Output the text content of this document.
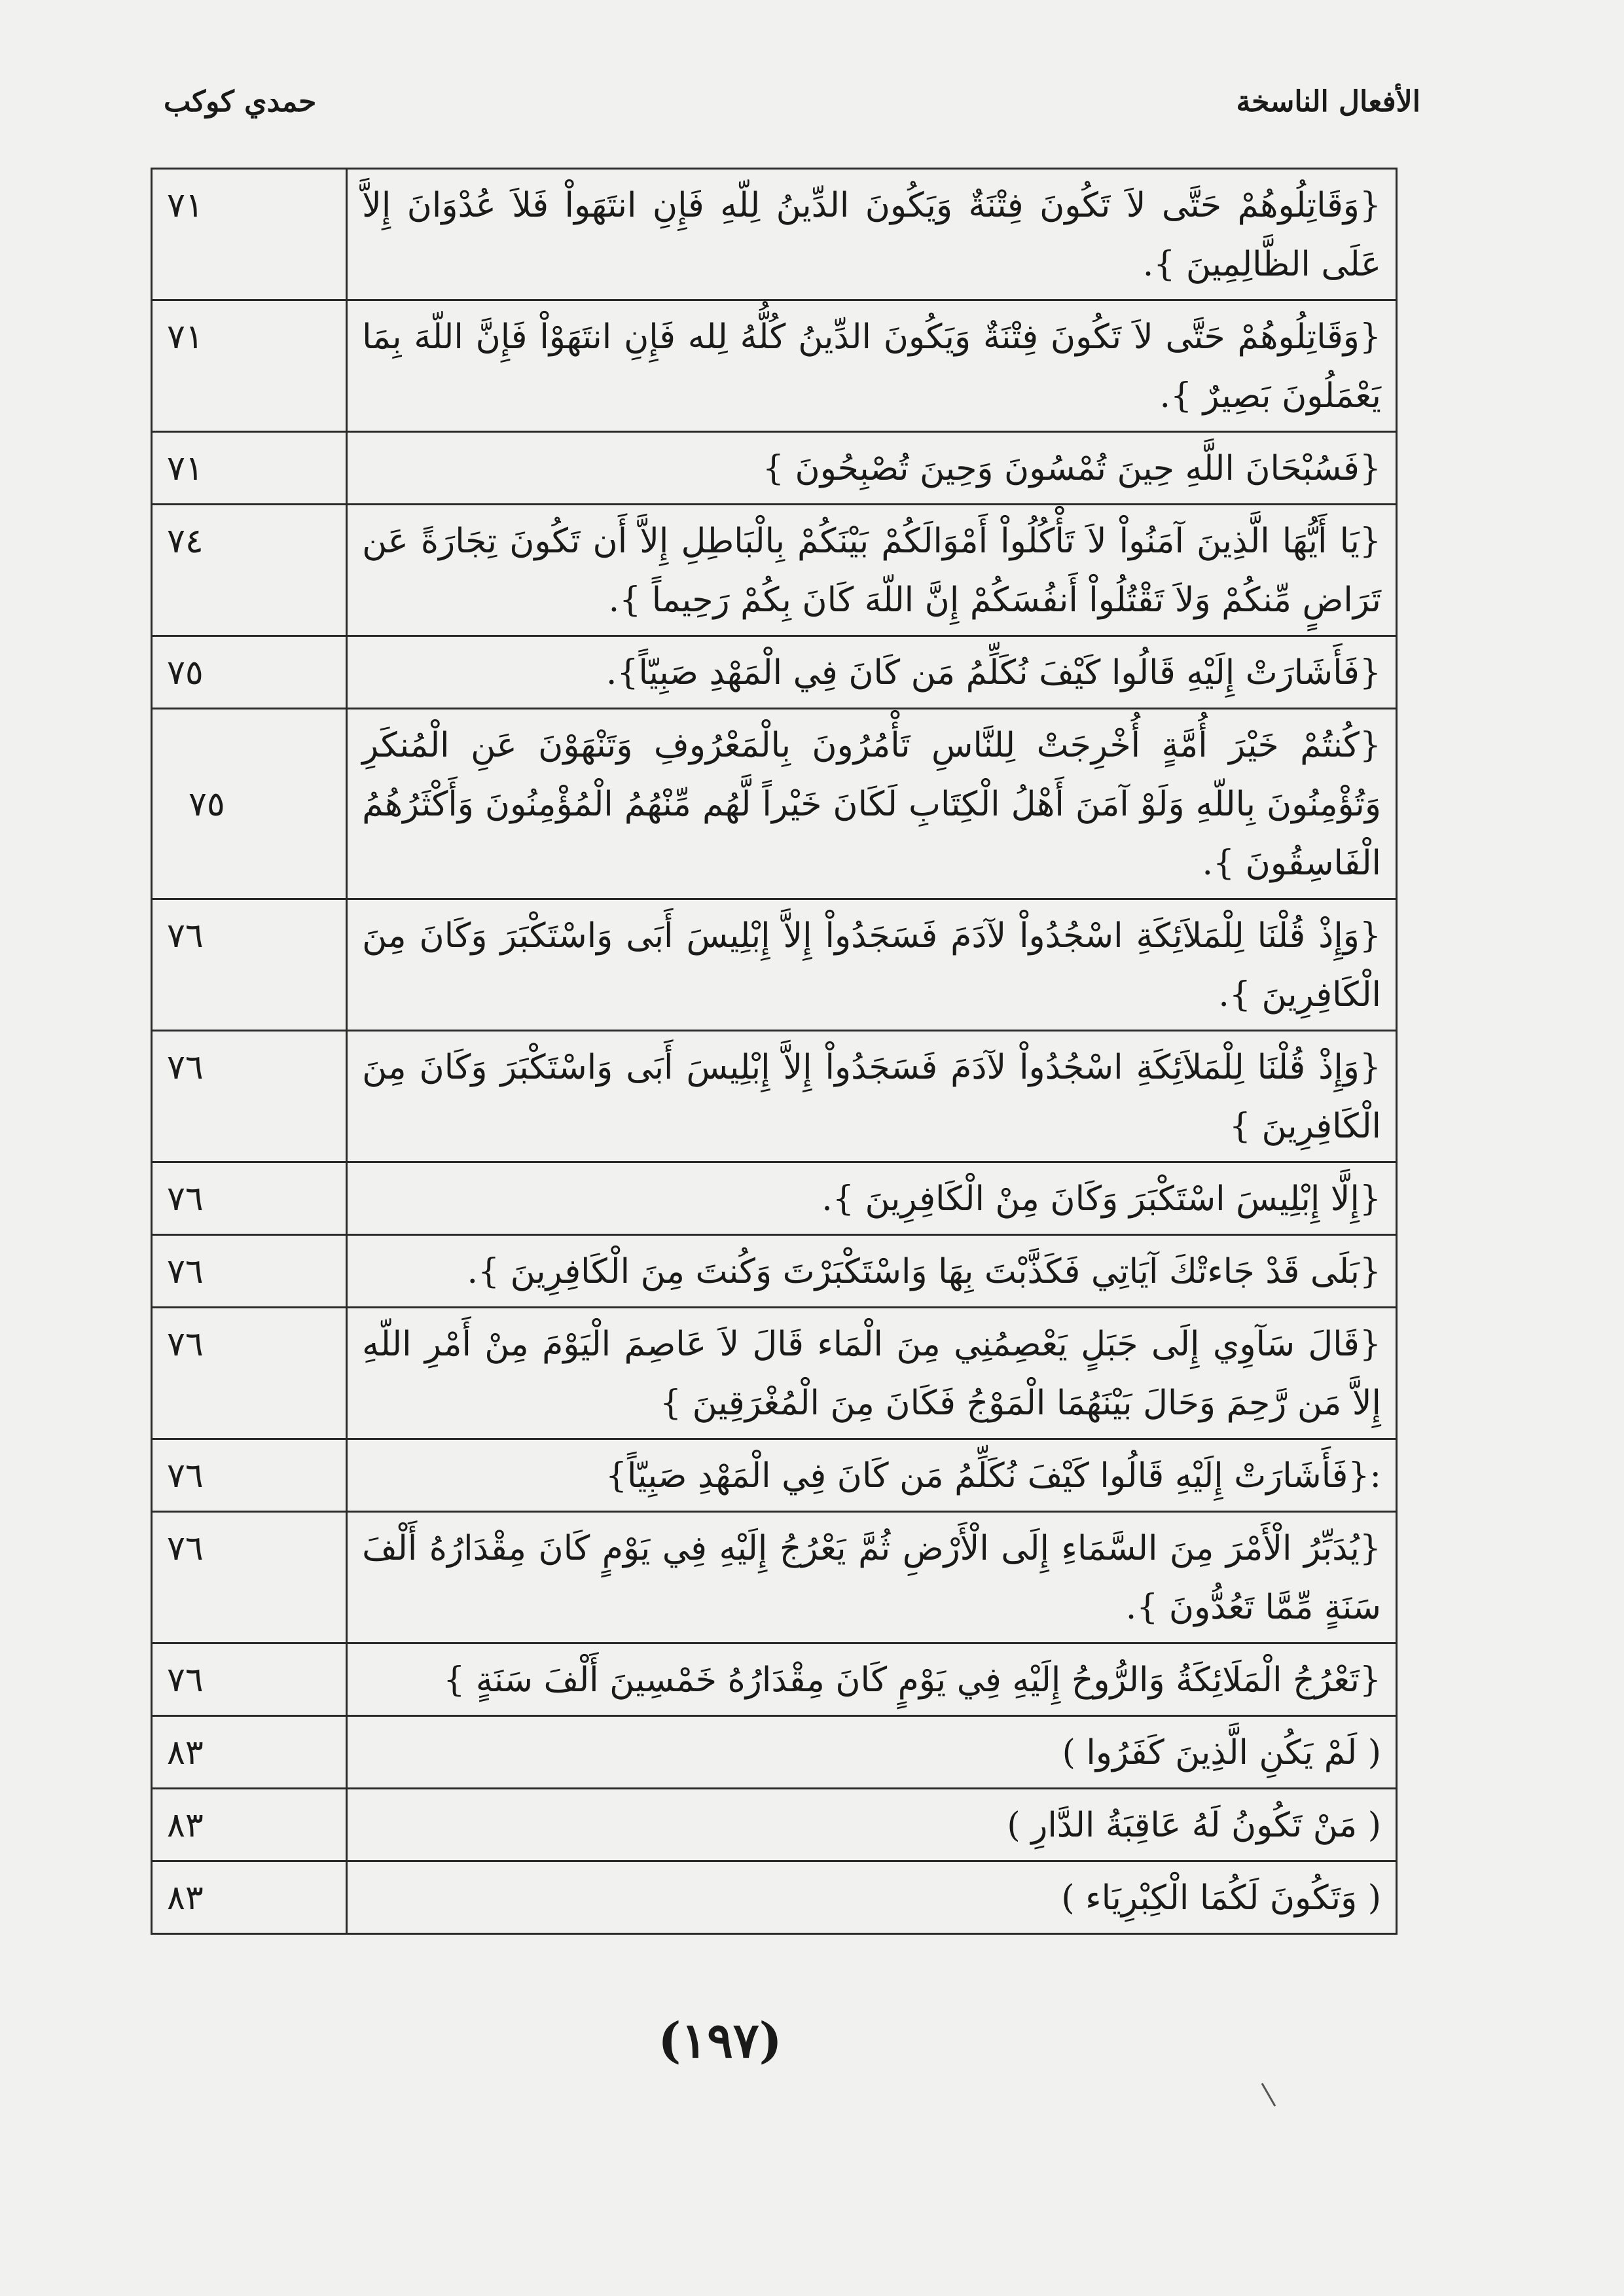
الأفعال الناسخة
حمدي كوكب
{وَقَاتِلُوهُمْ حَتَّى لاَ تَكُونَ فِتْنَةٌ وَيَكُونَ الدِّينُ لِلّهِ فَإِنِ انتَهَواْ فَلاَ عُدْوَانَ إِلاَّ عَلَى الظَّالِمِينَ }.	٧١
{وَقَاتِلُوهُمْ حَتَّى لاَ تَكُونَ فِتْنَةٌ وَيَكُونَ الدِّينُ كُلُّهُ لِله فَإِنِ انتَهَوْاْ فَإِنَّ اللّهَ بِمَا يَعْمَلُونَ بَصِيرٌ }.	٧١
{فَسُبْحَانَ اللَّهِ حِينَ تُمْسُونَ وَحِينَ تُصْبِحُونَ }	٧١
{يَا أَيُّهَا الَّذِينَ آمَنُواْ لاَ تَأْكُلُواْ أَمْوَالَكُمْ بَيْنَكُمْ بِالْبَاطِلِ إِلاَّ أَن تَكُونَ تِجَارَةً عَن تَرَاضٍ مِّنكُمْ وَلاَ تَقْتُلُواْ أَنفُسَكُمْ إِنَّ اللّهَ كَانَ بِكُمْ رَحِيماً }.	٧٤
{فَأَشَارَتْ إِلَيْهِ قَالُوا كَيْفَ نُكَلِّمُ مَن كَانَ فِي الْمَهْدِ صَبِيّاً}.	٧٥
{كُنتُمْ خَيْرَ أُمَّةٍ أُخْرِجَتْ لِلنَّاسِ تَأْمُرُونَ بِالْمَعْرُوفِ وَتَنْهَوْنَ عَنِ الْمُنكَرِ وَتُؤْمِنُونَ بِاللّهِ وَلَوْ آمَنَ أَهْلُ الْكِتَابِ لَكَانَ خَيْراً لَّهُم مِّنْهُمُ الْمُؤْمِنُونَ وَأَكْثَرُهُمُ الْفَاسِقُونَ }.	٧٥
{وَإِذْ قُلْنَا لِلْمَلاَئِكَةِ اسْجُدُواْ لآدَمَ فَسَجَدُواْ إِلاَّ إِبْلِيسَ أَبَى وَاسْتَكْبَرَ وَكَانَ مِنَ الْكَافِرِينَ }.	٧٦
{وَإِذْ قُلْنَا لِلْمَلاَئِكَةِ اسْجُدُواْ لآدَمَ فَسَجَدُواْ إِلاَّ إِبْلِيسَ أَبَى وَاسْتَكْبَرَ وَكَانَ مِنَ الْكَافِرِينَ }	٧٦
{إِلَّا إِبْلِيسَ اسْتَكْبَرَ وَكَانَ مِنْ الْكَافِرِينَ }.	٧٦
{بَلَى قَدْ جَاءتْكَ آيَاتِي فَكَذَّبْتَ بِهَا وَاسْتَكْبَرْتَ وَكُنتَ مِنَ الْكَافِرِينَ }.	٧٦
{قَالَ سَآوِي إِلَى جَبَلٍ يَعْصِمُنِي مِنَ الْمَاء قَالَ لاَ عَاصِمَ الْيَوْمَ مِنْ أَمْرِ اللّهِ إِلاَّ مَن رَّحِمَ وَحَالَ بَيْنَهُمَا الْمَوْجُ فَكَانَ مِنَ الْمُغْرَقِينَ }	٧٦
:{فَأَشَارَتْ إِلَيْهِ قَالُوا كَيْفَ نُكَلِّمُ مَن كَانَ فِي الْمَهْدِ صَبِيّاً}	٧٦
{يُدَبِّرُ الْأَمْرَ مِنَ السَّمَاءِ إِلَى الْأَرْضِ ثُمَّ يَعْرُجُ إِلَيْهِ فِي يَوْمٍ كَانَ مِقْدَارُهُ أَلْفَ سَنَةٍ مِّمَّا تَعُدُّونَ }.	٧٦
{تَعْرُجُ الْمَلَائِكَةُ وَالرُّوحُ إِلَيْهِ فِي يَوْمٍ كَانَ مِقْدَارُهُ خَمْسِينَ أَلْفَ سَنَةٍ }	٧٦
( لَمْ يَكُنِ الَّذِينَ كَفَرُوا )	٨٣
( مَنْ تَكُونُ لَهُ عَاقِبَةُ الدَّارِ )	٨٣
( وَتَكُونَ لَكُمَا الْكِبْرِيَاء )	٨٣
(١٩٧)
